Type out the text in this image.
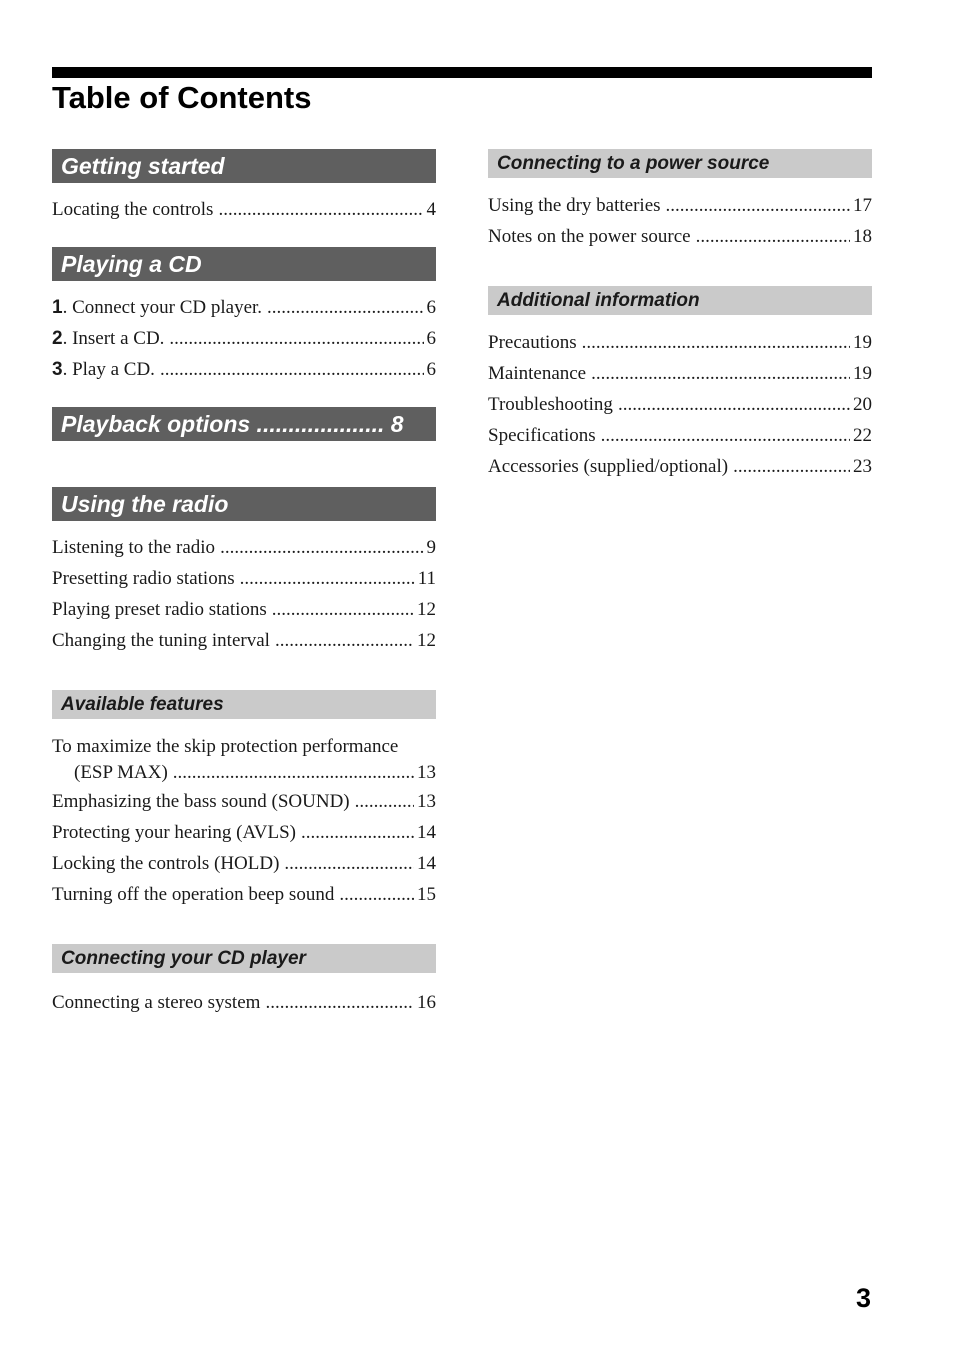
Table of Contents
Getting started
Locating the controls .....	4
Playing a CD
1 . Connect your CD player. .....	6
2 . Insert a CD. .....	6
3 . Play a CD. .....	6
Playback options .................... 8
Using the radio
Listening to the radio .....	9
Presetting radio stations .....	11
Playing preset radio stations .....	12
Changing the tuning interval .....	12
Available features
To maximize the skip protection performance
(ESP MAX) .....	13
Emphasizing the bass sound (SOUND) .....	13
Protecting your hearing (AVLS) .....	14
Locking the controls (HOLD) .....	14
Turning off the operation beep sound .....	15
Connecting your CD player
Connecting a stereo system .....	16
Connecting to a power source
Using the dry batteries .....	17
Notes on the power source .....	18
Additional information
Precautions .....	19
Maintenance .....	19
Troubleshooting .....	20
Specifications .....	22
Accessories (supplied/optional) .....	23
3
